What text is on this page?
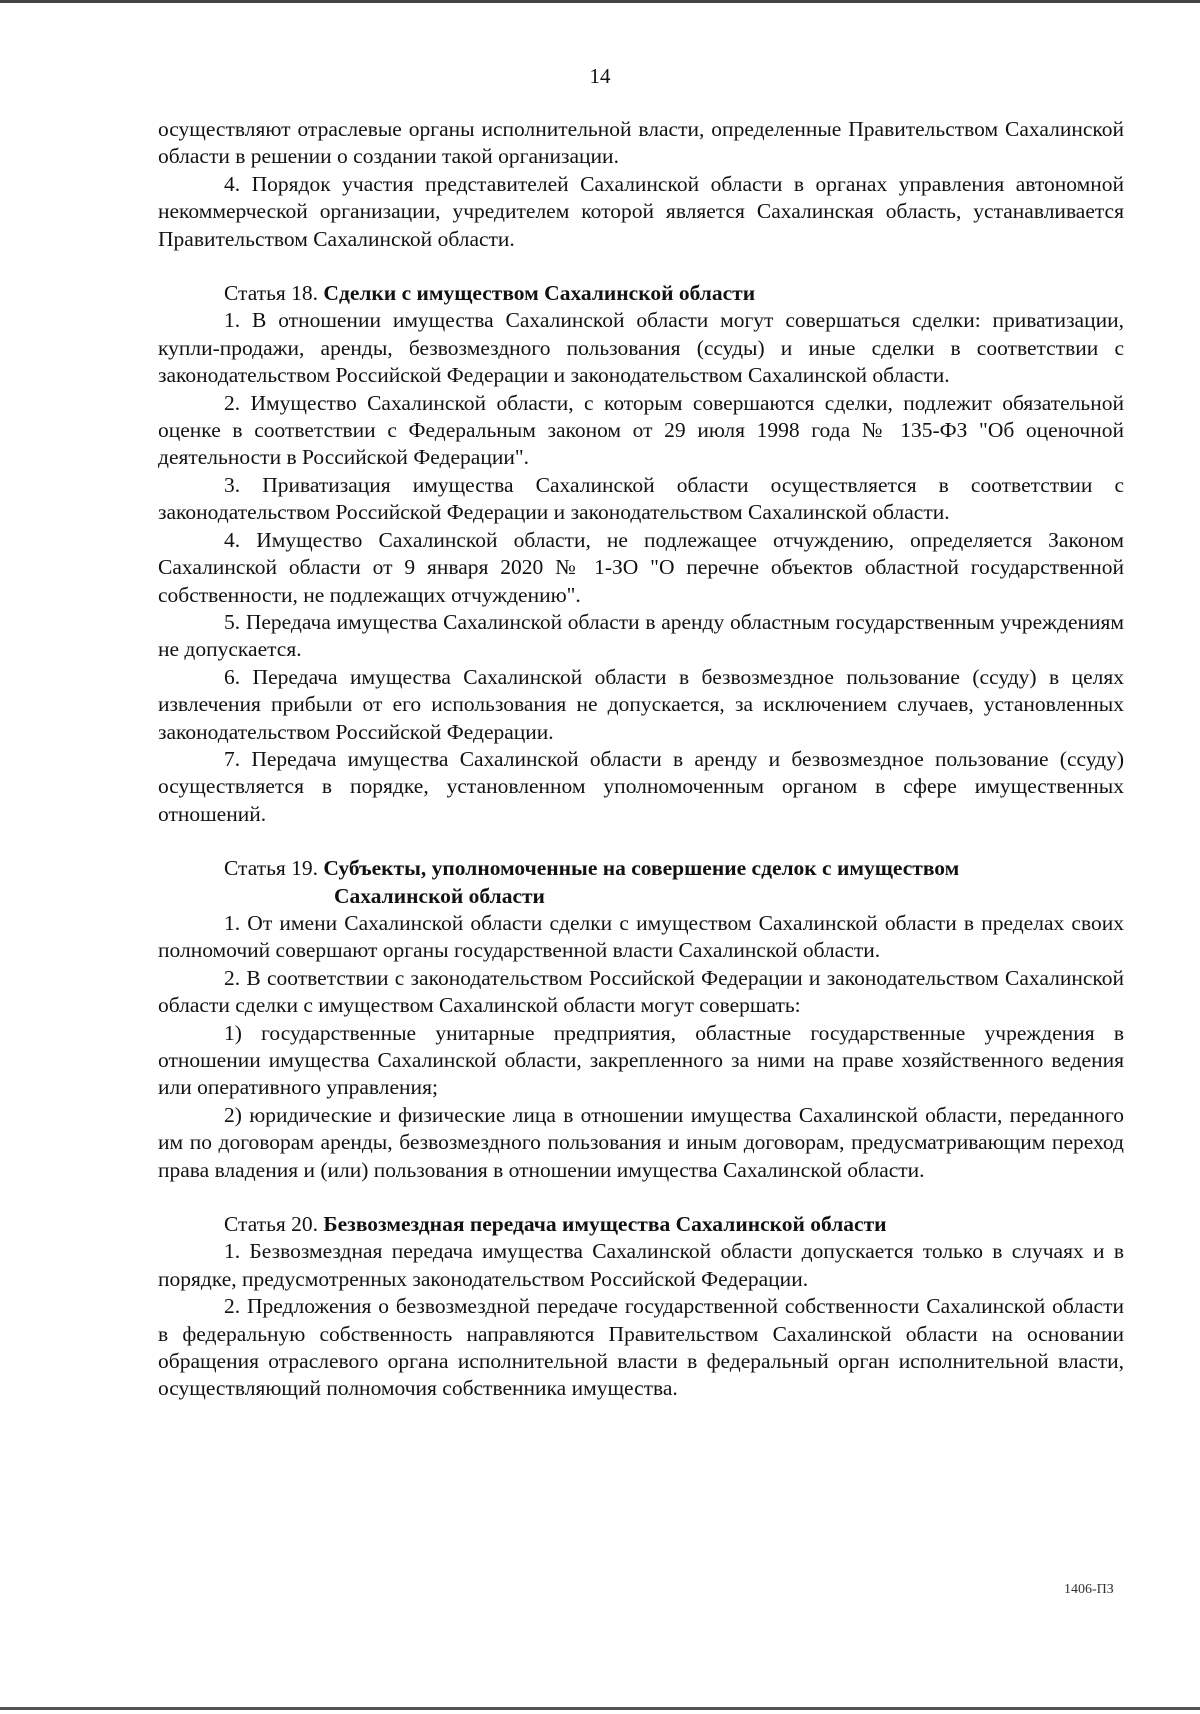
14

осуществляют отраслевые органы исполнительной власти, определенные Правительством Сахалинской области в решении о создании такой организации.

4. Порядок участия представителей Сахалинской области в органах управления автономной некоммерческой организации, учредителем которой является Сахалинская область, устанавливается Правительством Сахалинской области.

Статья 18. Сделки с имуществом Сахалинской области

1. В отношении имущества Сахалинской области могут совершаться сделки: приватизации, купли-продажи, аренды, безвозмездного пользования (ссуды) и иные сделки в соответствии с законодательством Российской Федерации и законодательством Сахалинской области.

2. Имущество Сахалинской области, с которым совершаются сделки, подлежит обязательной оценке в соответствии с Федеральным законом от 29 июля 1998 года № 135-ФЗ "Об оценочной деятельности в Российской Федерации".

3. Приватизация имущества Сахалинской области осуществляется в соответствии с законодательством Российской Федерации и законодательством Сахалинской области.

4. Имущество Сахалинской области, не подлежащее отчуждению, определяется Законом Сахалинской области от 9 января 2020 № 1-ЗО "О перечне объектов областной государственной собственности, не подлежащих отчуждению".

5. Передача имущества Сахалинской области в аренду областным государственным учреждениям не допускается.

6. Передача имущества Сахалинской области в безвозмездное пользование (ссуду) в целях извлечения прибыли от его использования не допускается, за исключением случаев, установленных законодательством Российской Федерации.

7. Передача имущества Сахалинской области в аренду и безвозмездное пользование (ссуду) осуществляется в порядке, установленном уполномоченным органом в сфере имущественных отношений.

Статья 19. Субъекты, уполномоченные на совершение сделок с имуществом
Сахалинской области

1. От имени Сахалинской области сделки с имуществом Сахалинской области в пределах своих полномочий совершают органы государственной власти Сахалинской области.

2. В соответствии с законодательством Российской Федерации и законодательством Сахалинской области сделки с имуществом Сахалинской области могут совершать:

1) государственные унитарные предприятия, областные государственные учреждения в отношении имущества Сахалинской области, закрепленного за ними на праве хозяйственного ведения или оперативного управления;

2) юридические и физические лица в отношении имущества Сахалинской области, переданного им по договорам аренды, безвозмездного пользования и иным договорам, предусматривающим переход права владения и (или) пользования в отношении имущества Сахалинской области.

Статья 20. Безвозмездная передача имущества Сахалинской области

1. Безвозмездная передача имущества Сахалинской области допускается только в случаях и в порядке, предусмотренных законодательством Российской Федерации.

2. Предложения о безвозмездной передаче государственной собственности Сахалинской области в федеральную собственность направляются Правительством Сахалинской области на основании обращения отраслевого органа исполнительной власти в федеральный орган исполнительной власти, осуществляющий полномочия собственника имущества.

1406-ПЗ
